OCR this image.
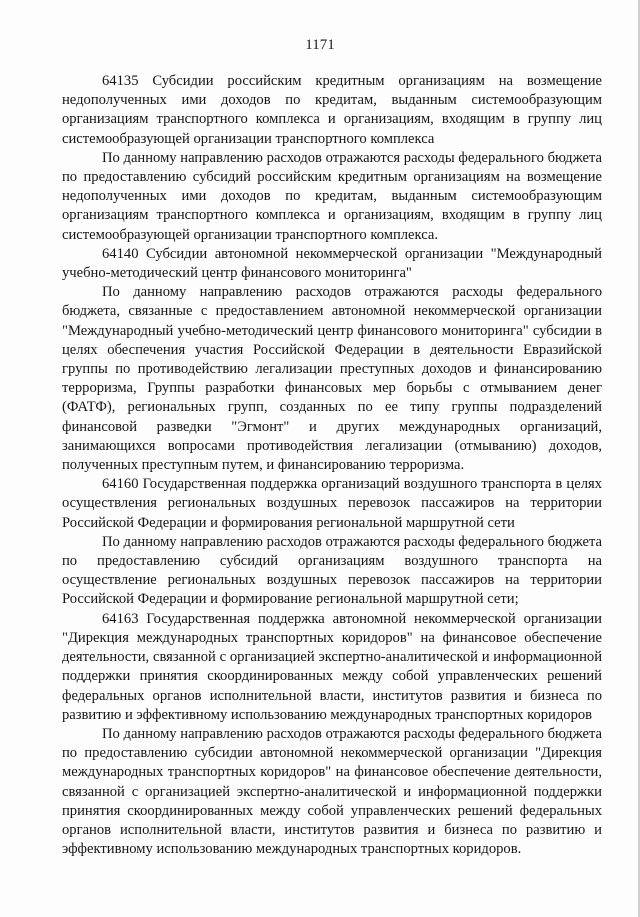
1171

64135 Субсидии российским кредитным организациям на возмещение недополученных ими доходов по кредитам, выданным системообразующим организациям транспортного комплекса и организациям, входящим в группу лиц системообразующей организации транспортного комплекса

По данному направлению расходов отражаются расходы федерального бюджета по предоставлению субсидий российским кредитным организациям на возмещение недополученных ими доходов по кредитам, выданным системообразующим организациям транспортного комплекса и организациям, входящим в группу лиц системообразующей организации транспортного комплекса.

64140 Субсидии автономной некоммерческой организации "Международный учебно-методический центр финансового мониторинга"

По данному направлению расходов отражаются расходы федерального бюджета, связанные с предоставлением автономной некоммерческой организации "Международный учебно-методический центр финансового мониторинга" субсидии в целях обеспечения участия Российской Федерации в деятельности Евразийской группы по противодействию легализации преступных доходов и финансированию терроризма, Группы разработки финансовых мер борьбы с отмыванием денег (ФАТФ), региональных групп, созданных по ее типу группы подразделений финансовой разведки "Эгмонт" и других международных организаций, занимающихся вопросами противодействия легализации (отмыванию) доходов, полученных преступным путем, и финансированию терроризма.

64160 Государственная поддержка организаций воздушного транспорта в целях осуществления региональных воздушных перевозок пассажиров на территории Российской Федерации и формирования региональной маршрутной сети

По данному направлению расходов отражаются расходы федерального бюджета по предоставлению субсидий организациям воздушного транспорта на осуществление региональных воздушных перевозок пассажиров на территории Российской Федерации и формирование региональной маршрутной сети;

64163 Государственная поддержка автономной некоммерческой организации "Дирекция международных транспортных коридоров" на финансовое обеспечение деятельности, связанной с организацией экспертно-аналитической и информационной поддержки принятия скоординированных между собой управленческих решений федеральных органов исполнительной власти, институтов развития и бизнеса по развитию и эффективному использованию международных транспортных коридоров

По данному направлению расходов отражаются расходы федерального бюджета по предоставлению субсидии автономной некоммерческой организации "Дирекция международных транспортных коридоров" на финансовое обеспечение деятельности, связанной с организацией экспертно-аналитической и информационной поддержки принятия скоординированных между собой управленческих решений федеральных органов исполнительной власти, институтов развития и бизнеса по развитию и эффективному использованию международных транспортных коридоров.
